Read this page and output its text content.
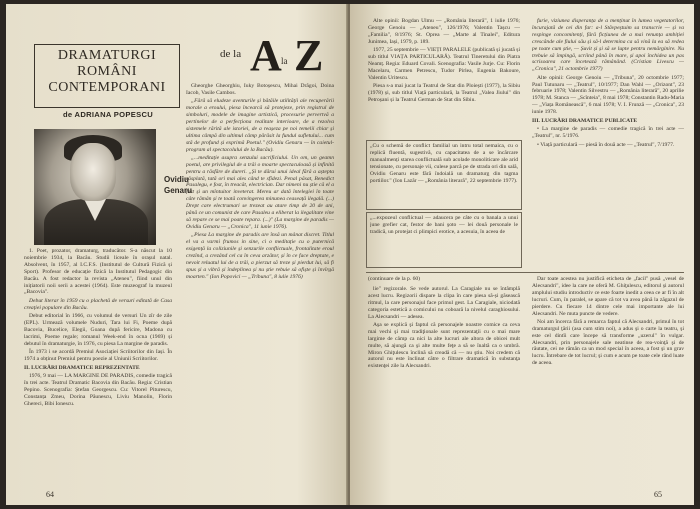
DRAMATURGI
ROMÂNI
CONTEMPORANI
de ADRIANA POPESCU
de la A la Z
Ovidiu
Genaru

1. Poet, prozator, dramaturg, traducător. S-a născut la 10 noiembrie 1934, la Bacău. Studii liceale în orașul natal. Absolvent, în 1957, al I.C.F.S. (Institutul de Cultură Fizică și Sport). Profesor de educație fizică la Institutul Pedagogic din Bacău. A fost redactor la revista „Ateneu", fiind unul din inițiatorii noii serii a acestei (1964). Este muzeograf la muzeul „Bacovia".

Debut literar în 1959 cu o plachetă de versuri editată de Casa creației populare din Bacău.

Debut editorial în 1966, cu volumul de versuri Un zîr de zile (EPL). Urmează volumele Nuduri, Tara lui Fi, Poeme după Bacovia, Bucelice, Elegii, Goana după fericire, Madona cu lacrimi, Poeme regale; romanul Week-end în ocna (1969) și debutul în dramaturgie, în 1976, cu piesa La margine de paradis.

În 1973 i se acordă Premiul Asociației Scriitorilor din Iași. În 1974 a obținut Premiul pentru poezie al Uniunii Scriitorilor.

II. LUCRĂRI DRAMATICE REPREZENTATE

1976, 9 mai — LA MARGINE DE PARADIS, comedie tragică în trei acte. Teatrul Dramatic Bacovia din Bacău. Regia: Cristian Pepino. Scenografia: Ștefan Georgescu. Cu: Vitorel Piturescu, Constanța Zmeu, Dorina Păunescu, Liviu Manolin, Florin Ghereci, Bibi Ionescu.

Gheorghe Gheorghiu, Iuky Botoșescu, Mihai Drăgoi, Doina Iacob, Vasile Cambos.

„Fără să eludeze aventurile și bătăile utilității ale recuperării morale a eroului, piesa încearcă să protejeze, prin registrul de simboluri, modele de imagine artistică, procesurie pervertvă a pertinelor de a perfecționa realitate interioare, de a rezolva sistemele rărită ale istoriei, de a reașeza pe noi temelii chiar și ultima câmpă din ultimul câmp părăsit la fundul sufletului... cum stă de profund și exprimă Poetul." (Ovidiu Genaru — în caietul-program al spectacolului de la Bacău).

„...meditație asupra senzului sacrificiului. Un om, un geamn poetul, are privilegiul de a trăi o moarte spectaculoasă și infinită pentru a răsfăre de dureri. „Și te dărui unui ideal fără a aștepta răsplată, tată ori mai ales când te sfîdezi. Penal păsat, Benedict Pasalegu, e fost, în treacăt, electrician. Dar nimeni nu știe că el a fost și un mîntuitor inveterat. Mereu ar dată întelegiei în toate câte rămân și te toată convingerea minunea ceaseață ilegală. (...) Drept care electrumari se trezeat au atare timp de 20 de ani, până ce un comunist de care Pasaleu a eliberat la ilegalitate vine să repare ce se mai poate repara. (...)" (La margine de paradis — Ovidiu Genaru — „Cronica", 11 iunie 1976).

„Piesa La margine de paradis are însă un mânat discret. Titlul el va a varmi frumos in sine, ci o meditație cu o puternică exigență la coliziunile și senzurile conflictuale, frontalitate eroul crezînd, a crezând cel ca în ceva arzător, și în ce face dreptate, e nevoit reluatul lui de a trăi, a pierzut să treze și pierdut lui, să fi spus și a vibră și îndeplinea și nu știe rebuie să ofiște și învîrgă moarten." (Ion Popovici — „Tribuna", 8 iulie 1976)

64

Alte opinii: Bogdan Ulmu — „România literară", 1 iulie 1976; George Genoiu — „Ateneu", 126/1976; Valentin Tașcu — „Familia", 8/1976; St. Oprea — „Marte al Tinalei", Editura Junimea, Iași, 1979, p. 189.

1977, 25 septembrie — VIEȚI PARALELE (publicată și jucată și sub titlul VIAȚA PARTICULARĂ). Teatrul Tineretului din Piatra Neamț. Regia: Eduard Covali. Scenografia: Vasile Jurje. Cu: Florin Macelaru, Carmen Petrescu, Tudor Pirlea, Eugenia Bakoure, Valentin Uritescu.

Piesa s-a mai jucat la Teatrul de Stat din Ploiești (1977), la Sibiu (1978) și, sub titlul Viață particulară, la Teatrul „Valea Jiului" din Petroșani și la Teatrul German de Stat din Sibiu.

„Cu o schemă de conflict familial un intru total nemaica, cu o replică fluentă, sugestivă, cu capacitatea de a se încărcare manualmenți starea conflictuală sub acolade monoliticare ale arid tensionate, cu personaje vii, culese parcă pe de strada ori din sală, Ovidiu Genaru este fără îndoială un dramaturg din tagma portiilor." (Ion Lazăr — „România literară", 22 septembrie 1977).
„...expozeul conflictual — adaucera pe câte cu o banala a unui june grefier cat, festor de bani şoto — lei două personale le tradică, un protejat ci plimpici erotice, a acesuia, în aceea de

furie, viziunea disperanța de a menținut în lumea vegetatorilor, încurajată de cei din far: a-l Stăvpeștuim sa transcrie — și va respinge concomitenți, fără ficțiunea de a mai renunța ambiției crescânde ale fiului său și să-l determina ca să vină la ea să redea pe toate cum știe, — Șuvit și și să se lupte pentru nemărginire. Nu trebuie să împingă, scriind până în mare, și apoi închidea un pas scrisoarea care încetează rămânând. (Cristian Livescu — „Cronica", 21 octombrie 1977)

Alte opinii: George Genoiu — „Tribuna", 20 octombrie 1977; Paul Tutunaru — „Teatrul", 10/1977; Dan Wahl — „Orizont", 23 februarie 1978; Valentin Silvestru — „România literară", 20 aprilie 1978; M. Stanca — „Scînteia", 8 mai 1978; Constantin Radu-Maria — „Viața Românească", 6 mai 1978; V. I. Frunză — „Cronica", 23 iunie 1978.

III. LUCRĂRI DRAMATICE PUBLICATE

• La margine de paradis — comedie tragică în trei acte — „Teatrul", nr. 5/1976.

• Viață particulară — piesă în două acte — „Teatrul", 7/1977.

(continuare de la p. 60)

lie" regizorale. Se vede autorul. La Caragiale nu se întâmplă acest lucru. Regizorii dispare la clipa în care piesa să-și găsească ritmul, la care personajul face primul gest. La Caragiale, niciodată categoria estetică a comicului nu coboară la nivelul caraghiosului. La Alecsandri — adesea.

Aşa se explică şi faptul că personajele noastre comice ca ceva mai vechi şi mai tradiţionale sunt reprezentaţii cu o mai mare largime de câmp ca nici la alte lucruri ale altora de obicei mult multe, să ajungă ca şi alte multe feţe a să se înaltă ca o umbră. Miron Ghiţulescu înclină să creadă că — nu ştiu. Noi credem că autorul nu este înclinat către o filtrare dramatică în substanţa existenţei zile la Alecsandri.

Dar toate acestea nu justifică eticheta de „facil" pusă „vesel de Alecsandri", idee la care ne oferă M. Ghiţulescu, editorul și autorul amplului studiu introductiv ce este foarte inedit a ceea ce ar fi în alt lucruri. Cum, în paralel, se apare că tot va avea până la zăgazul de pierdere. Cu fiecare 14 dintre cele mai importante ale lui Alecsandri. Ne muta puncte de vedere.

Noi am încerca fără a remarca faptul că Alecsandri, primul în tot dramaturgul ţării (asa cum stim noi), a adus şi o carte la teatru, şi este cel dintîi care începe să transforme „uzerul" în vulgar. Alecsandri, prin personajele sale neatinse de rea-voinţă şi de răutate, cei ne rămân ca un mod special în aceea, a fost şi un grav lucru. Întrebare de tot lucrul; şi cum e acum pe toate cele rând luate de aceea.

65
